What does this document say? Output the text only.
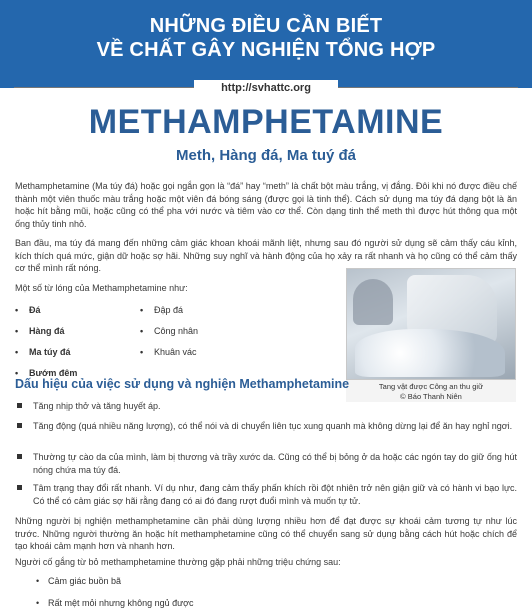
NHỮNG ĐIỀU CẦN BIẾT
VỀ CHẤT GÂY NGHIỆN TỔNG HỢP
http://svhattc.org
METHAMPHETAMINE
Meth, Hàng đá, Ma tuý đá

Methamphetamine (Ma túy đá) hoặc gọi ngắn gọn là “đá” hay “meth” là chất bột màu trắng, vị đắng. Đôi khi nó được điều chế thành một viên thuốc màu trắng hoặc một viên đá bóng sáng (được gọi là tinh thể). Cách sử dụng ma túy đá dạng bột là ăn hoặc hít bằng mũi, hoặc cũng có thể pha với nước và tiêm vào cơ thể. Còn dạng tinh thể meth thì được hút thông qua một ống thủy tinh nhỏ.

Ban đầu, ma túy đá mang đến những cảm giác khoan khoái mãnh liệt, nhưng sau đó người sử dụng sẽ cảm thấy cáu kỉnh, kích thích quá mức, giận dữ hoặc sợ hãi. Những suy nghĩ và hành động của họ xảy ra rất nhanh và họ cũng có thể cảm thấy cơ thể mình rất nóng.

Tang vật được Công an thu giữ
© Báo Thanh Niên

Một số từ lóng của Methamphetamine như:

• Đá
• Hàng đá
• Ma túy đá
• Bướm đêm
• Đập đá
• Công nhân
• Khuân vác
Dấu hiệu của việc sử dụng và nghiện Methamphetamine
Tăng nhịp thở và tăng huyết áp.
Tăng động (quá nhiều năng lượng), có thể nói và di chuyển liên tục xung quanh mà không dừng lại để ăn hay nghỉ ngơi.
Thường tự cào da của mình, làm bị thương và trầy xước da. Cũng có thể bị bỏng ở da hoặc các ngón tay do giữ ống hút nóng chứa ma túy đá.
Tâm trạng thay đổi rất nhanh. Ví dụ như, đang cảm thấy phấn khích rồi đột nhiên trở nên giận giữ và có hành vi bạo lực. Có thể có cảm giác sợ hãi rằng đang có ai đó đang rượt đuổi mình và muốn tự tử.

Những người bị nghiện methamphetamine cần phải dùng lượng nhiều hơn để đạt được sự khoái cảm tương tự như lúc trước. Những người thường ăn hoặc hít methamphetamine cũng có thể chuyển sang sử dụng bằng cách hút hoặc chích để tạo khoái cảm mạnh hơn và nhanh hơn.

Người cố gắng từ bỏ methamphetamine thường gặp phải những triệu chứng sau:

• Cảm giác buồn bã
• Rất mệt mỏi nhưng không ngủ được
